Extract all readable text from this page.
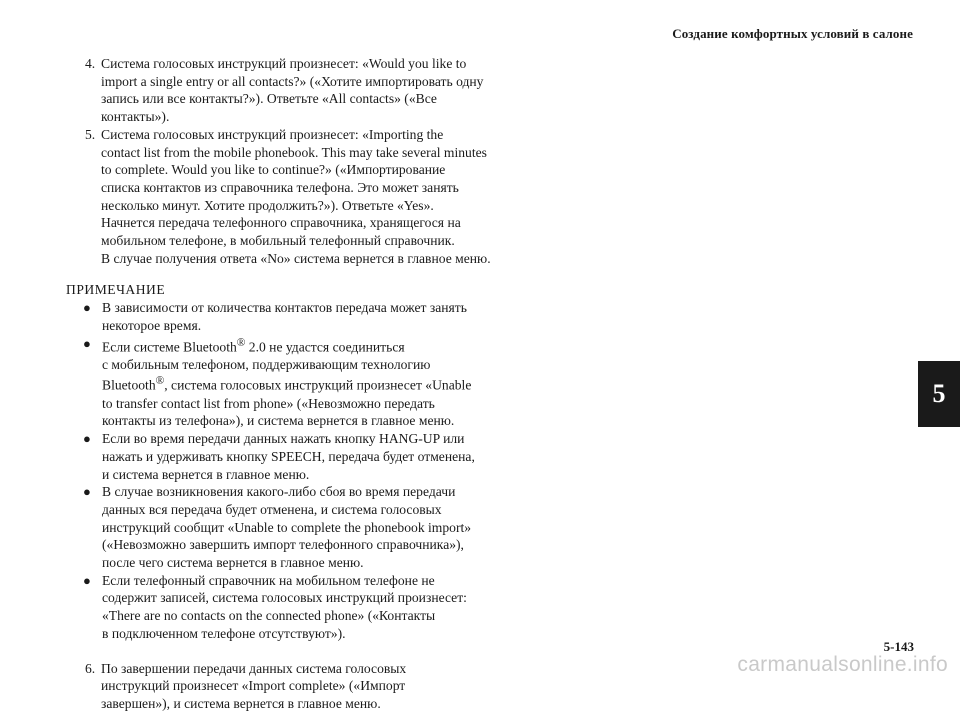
Создание комфортных условий в салоне
5
4. Система голосовых инструкций произнесет: «Would you like to
import a single entry or all contacts?» («Хотите импортировать одну
запись или все контакты?»). Ответьте «All contacts» («Все
контакты»).
5. Система голосовых инструкций произнесет: «Importing the
contact list from the mobile phonebook. This may take several minutes
to complete. Would you like to continue?» («Импортирование
списка контактов из справочника телефона. Это может занять
несколько минут. Хотите продолжить?»). Ответьте «Yes».
Начнется передача телефонного справочника, хранящегося на
мобильном телефоне, в мобильный телефонный справочник.
В случае получения ответа «No» система вернется в главное меню.
ПРИМЕЧАНИЕ
● В зависимости от количества контактов передача может занять
некоторое время.
● Если системе Bluetooth® 2.0 не удастся соединиться
с мобильным телефоном, поддерживающим технологию
Bluetooth®, система голосовых инструкций произнесет «Unable
to transfer contact list from phone» («Невозможно передать
контакты из телефона»), и система вернется в главное меню.
● Если во время передачи данных нажать кнопку HANG-UP или
нажать и удерживать кнопку SPEECH, передача будет отменена,
и система вернется в главное меню.
● В случае возникновения какого-либо сбоя во время передачи
данных вся передача будет отменена, и система голосовых
инструкций сообщит «Unable to complete the phonebook import»
(«Невозможно завершить импорт телефонного справочника»),
после чего система вернется в главное меню.
● Если телефонный справочник на мобильном телефоне не
содержит записей, система голосовых инструкций произнесет:
«There are no contacts on the connected phone» («Контакты
в подключенном телефоне отсутствуют»).
6. По завершении передачи данных система голосовых
инструкций произнесет «Import complete» («Импорт
завершен»), и система вернется в главное меню.
5-143
carmanualsonline.info
